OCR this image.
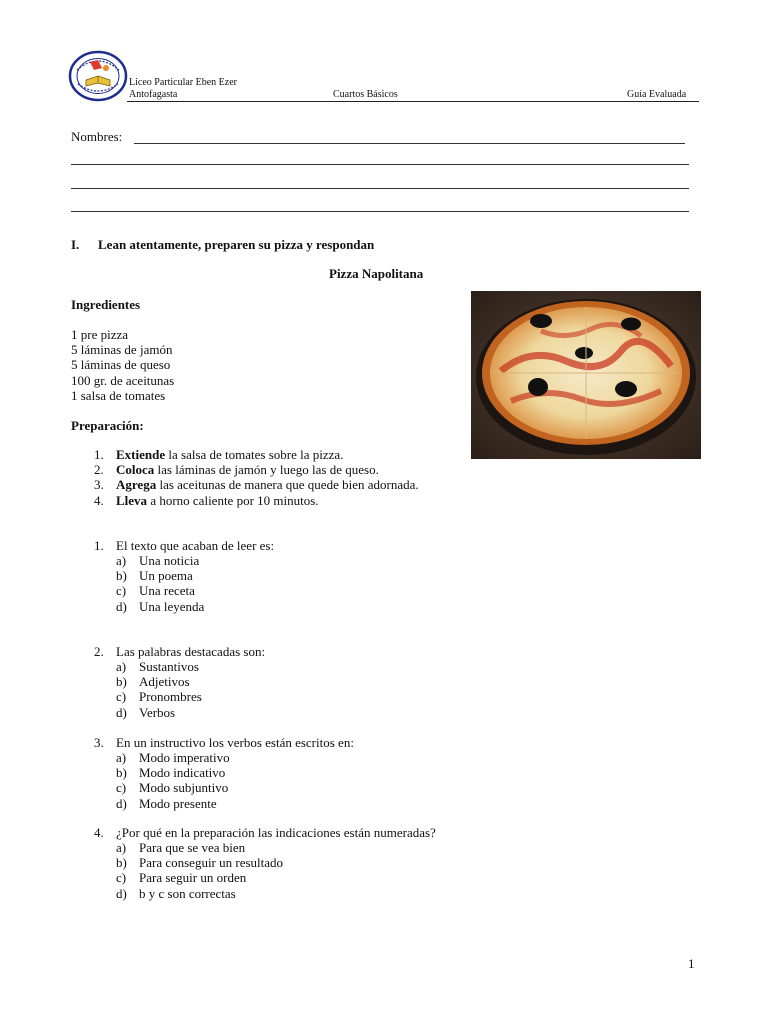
Liceo Particular Eben Ezer
Antofagasta	Cuartos Básicos	Guía Evaluada
Nombres:
I. Lean atentamente, preparen su pizza y respondan
Pizza Napolitana
Ingredientes
1 pre pizza
5 láminas de jamón
5 láminas de queso
100 gr. de aceitunas
1 salsa de tomates
Preparación:
1. Extiende la salsa de tomates sobre la pizza.
2. Coloca las láminas de jamón y luego las de queso.
3. Agrega las aceitunas de manera que quede bien adornada.
4. Lleva a horno caliente por 10 minutos.
1. El texto que acaban de leer es:
a) Una noticia
b) Un poema
c) Una receta
d) Una leyenda
2. Las palabras destacadas son:
a) Sustantivos
b) Adjetivos
c) Pronombres
d) Verbos
3. En un instructivo los verbos están escritos en:
a) Modo imperativo
b) Modo indicativo
c) Modo subjuntivo
d) Modo presente
4. ¿Por qué en la preparación las indicaciones están numeradas?
a) Para que se vea bien
b) Para conseguir un resultado
c) Para seguir un orden
d) b y c son correctas
1
